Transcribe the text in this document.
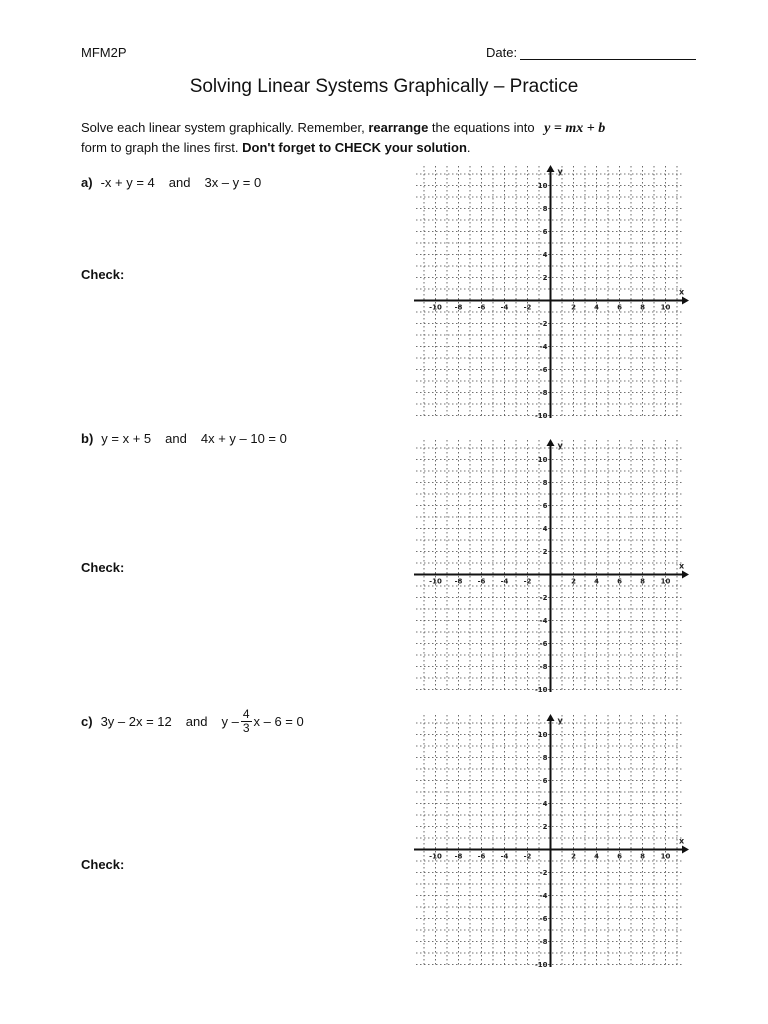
MFM2P	Date:
Solving Linear Systems Graphically – Practice
Solve each linear system graphically. Remember, rearrange the equations into y = mx + b
form to graph the lines first. Don't forget to CHECK your solution.
a) -x + y = 4 and 3x – y = 0
Check:
x
y
-10 -8 -6 -4 -2	2	4	6	8 10
10
8
6
4
2
-2
-4
-6
-8
-10
b) y = x + 5 and 4x + y – 10 = 0
Check:	x
y
-10 -8 -6 -4 -2	2	4	6	8 10
10
8
6
4
2
-2
-4
-6
-8
-10
c) 3y – 2x = 12 and y – $\frac{4}{3}$ x – 6 = 0
Check:
x
y
-10 -8 -6 -4 -2	2	4	6	8 10
10
8
6
4
2
-2
-4
-6
-8
-10
